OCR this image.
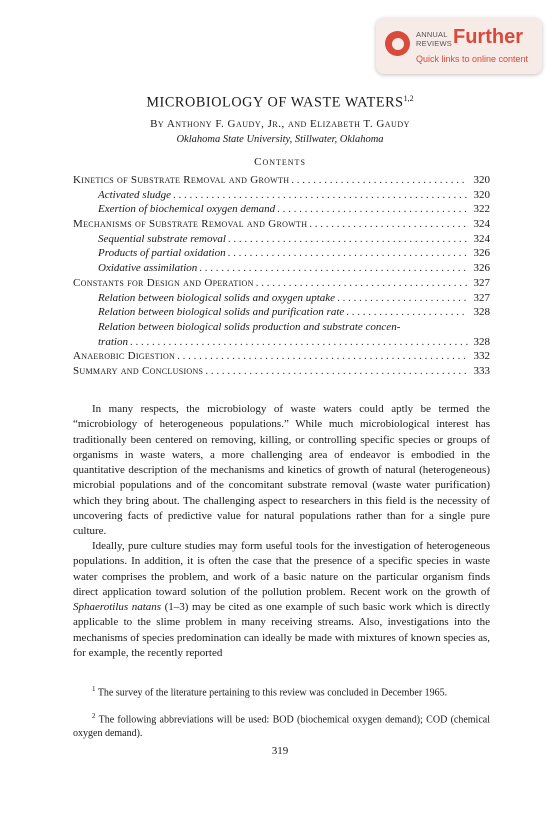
ANNUAL
REVIEWS Further
Quick links to online content
MICROBIOLOGY OF WASTE WATERS$^{1,2}$
By Anthony F. Gaudy, Jr., and Elizabeth T. Gaudy
Oklahoma State University, Stillwater, Oklahoma
Contents
Kinetics of Substrate Removal and Growth . . .	320
Activated sludge . . .	320
Exertion of biochemical oxygen demand . . .	322
Mechanisms of Substrate Removal and Growth . . .	324
Sequential substrate removal . . .	324
Products of partial oxidation . . .	326
Oxidative assimilation . . .	326
Constants for Design and Operation . . .	327
Relation between biological solids and oxygen uptake . . .	327
Relation between biological solids and purification rate . . .	328
Relation between biological solids production and substrate concen-
tration . . .	328
Anaerobic Digestion . . .	332
Summary and Conclusions . . .	333

In many respects, the microbiology of waste waters could aptly be termed the “microbiology of heterogeneous populations.” While much microbiological interest has traditionally been centered on removing, killing, or controlling specific species or groups of organisms in waste waters, a more challenging area of endeavor is embodied in the quantitative description of the mechanisms and kinetics of growth of natural (heterogeneous) microbial populations and of the concomitant substrate removal (waste water purification) which they bring about. The challenging aspect to researchers in this field is the necessity of uncovering facts of predictive value for natural populations rather than for a single pure culture.

Ideally, pure culture studies may form useful tools for the investigation of heterogeneous populations. In addition, it is often the case that the presence of a specific species in waste water comprises the problem, and work of a basic nature on the particular organism finds direct application toward solution of the pollution problem. Recent work on the growth of Sphaerotilus natans (1–3) may be cited as one example of such basic work which is directly applicable to the slime problem in many receiving streams. Also, investigations into the mechanisms of species predomination can ideally be made with mixtures of known species as, for example, the recently reported

$^1$ The survey of the literature pertaining to this review was concluded in December 1965.

$^2$ The following abbreviations will be used: BOD (biochemical oxygen demand); COD (chemical oxygen demand).

319
